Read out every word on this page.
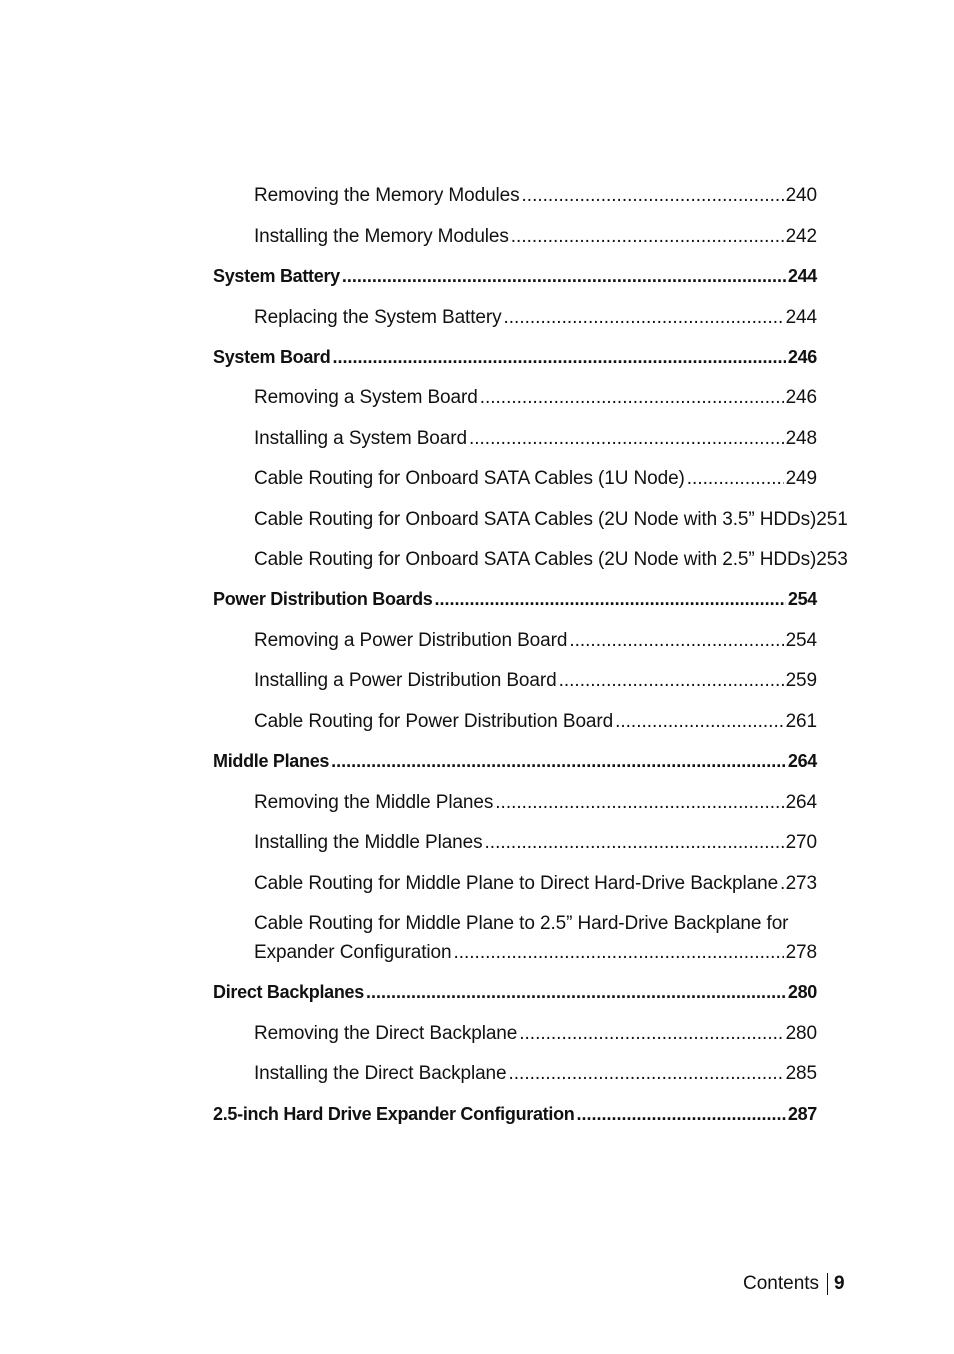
Removing the Memory Modules .....	240
Installing the Memory Modules .....	242
System Battery .....	244
Replacing the System Battery .....	244
System Board .....	246
Removing a System Board .....	246
Installing a System Board .....	248
Cable Routing for Onboard SATA Cables (1U Node) .....	249
Cable Routing for Onboard SATA Cables (2U Node with 3.5” HDDs) 251
Cable Routing for Onboard SATA Cables (2U Node with 2.5” HDDs) 253
Power Distribution Boards .....	254
Removing a Power Distribution Board .....	254
Installing a Power Distribution Board .....	259
Cable Routing for Power Distribution Board .....	261
Middle Planes .....	264
Removing the Middle Planes .....	264
Installing the Middle Planes .....	270
Cable Routing for Middle Plane to Direct Hard-Drive Backplane ..... 273
Cable Routing for Middle Plane to 2.5” Hard-Drive Backplane for
Expander Configuration .....	278
Direct Backplanes .....	280
Removing the Direct Backplane .....	280
Installing the Direct Backplane .....	285
2.5-inch Hard Drive Expander Configuration .....	287
Contents 9
